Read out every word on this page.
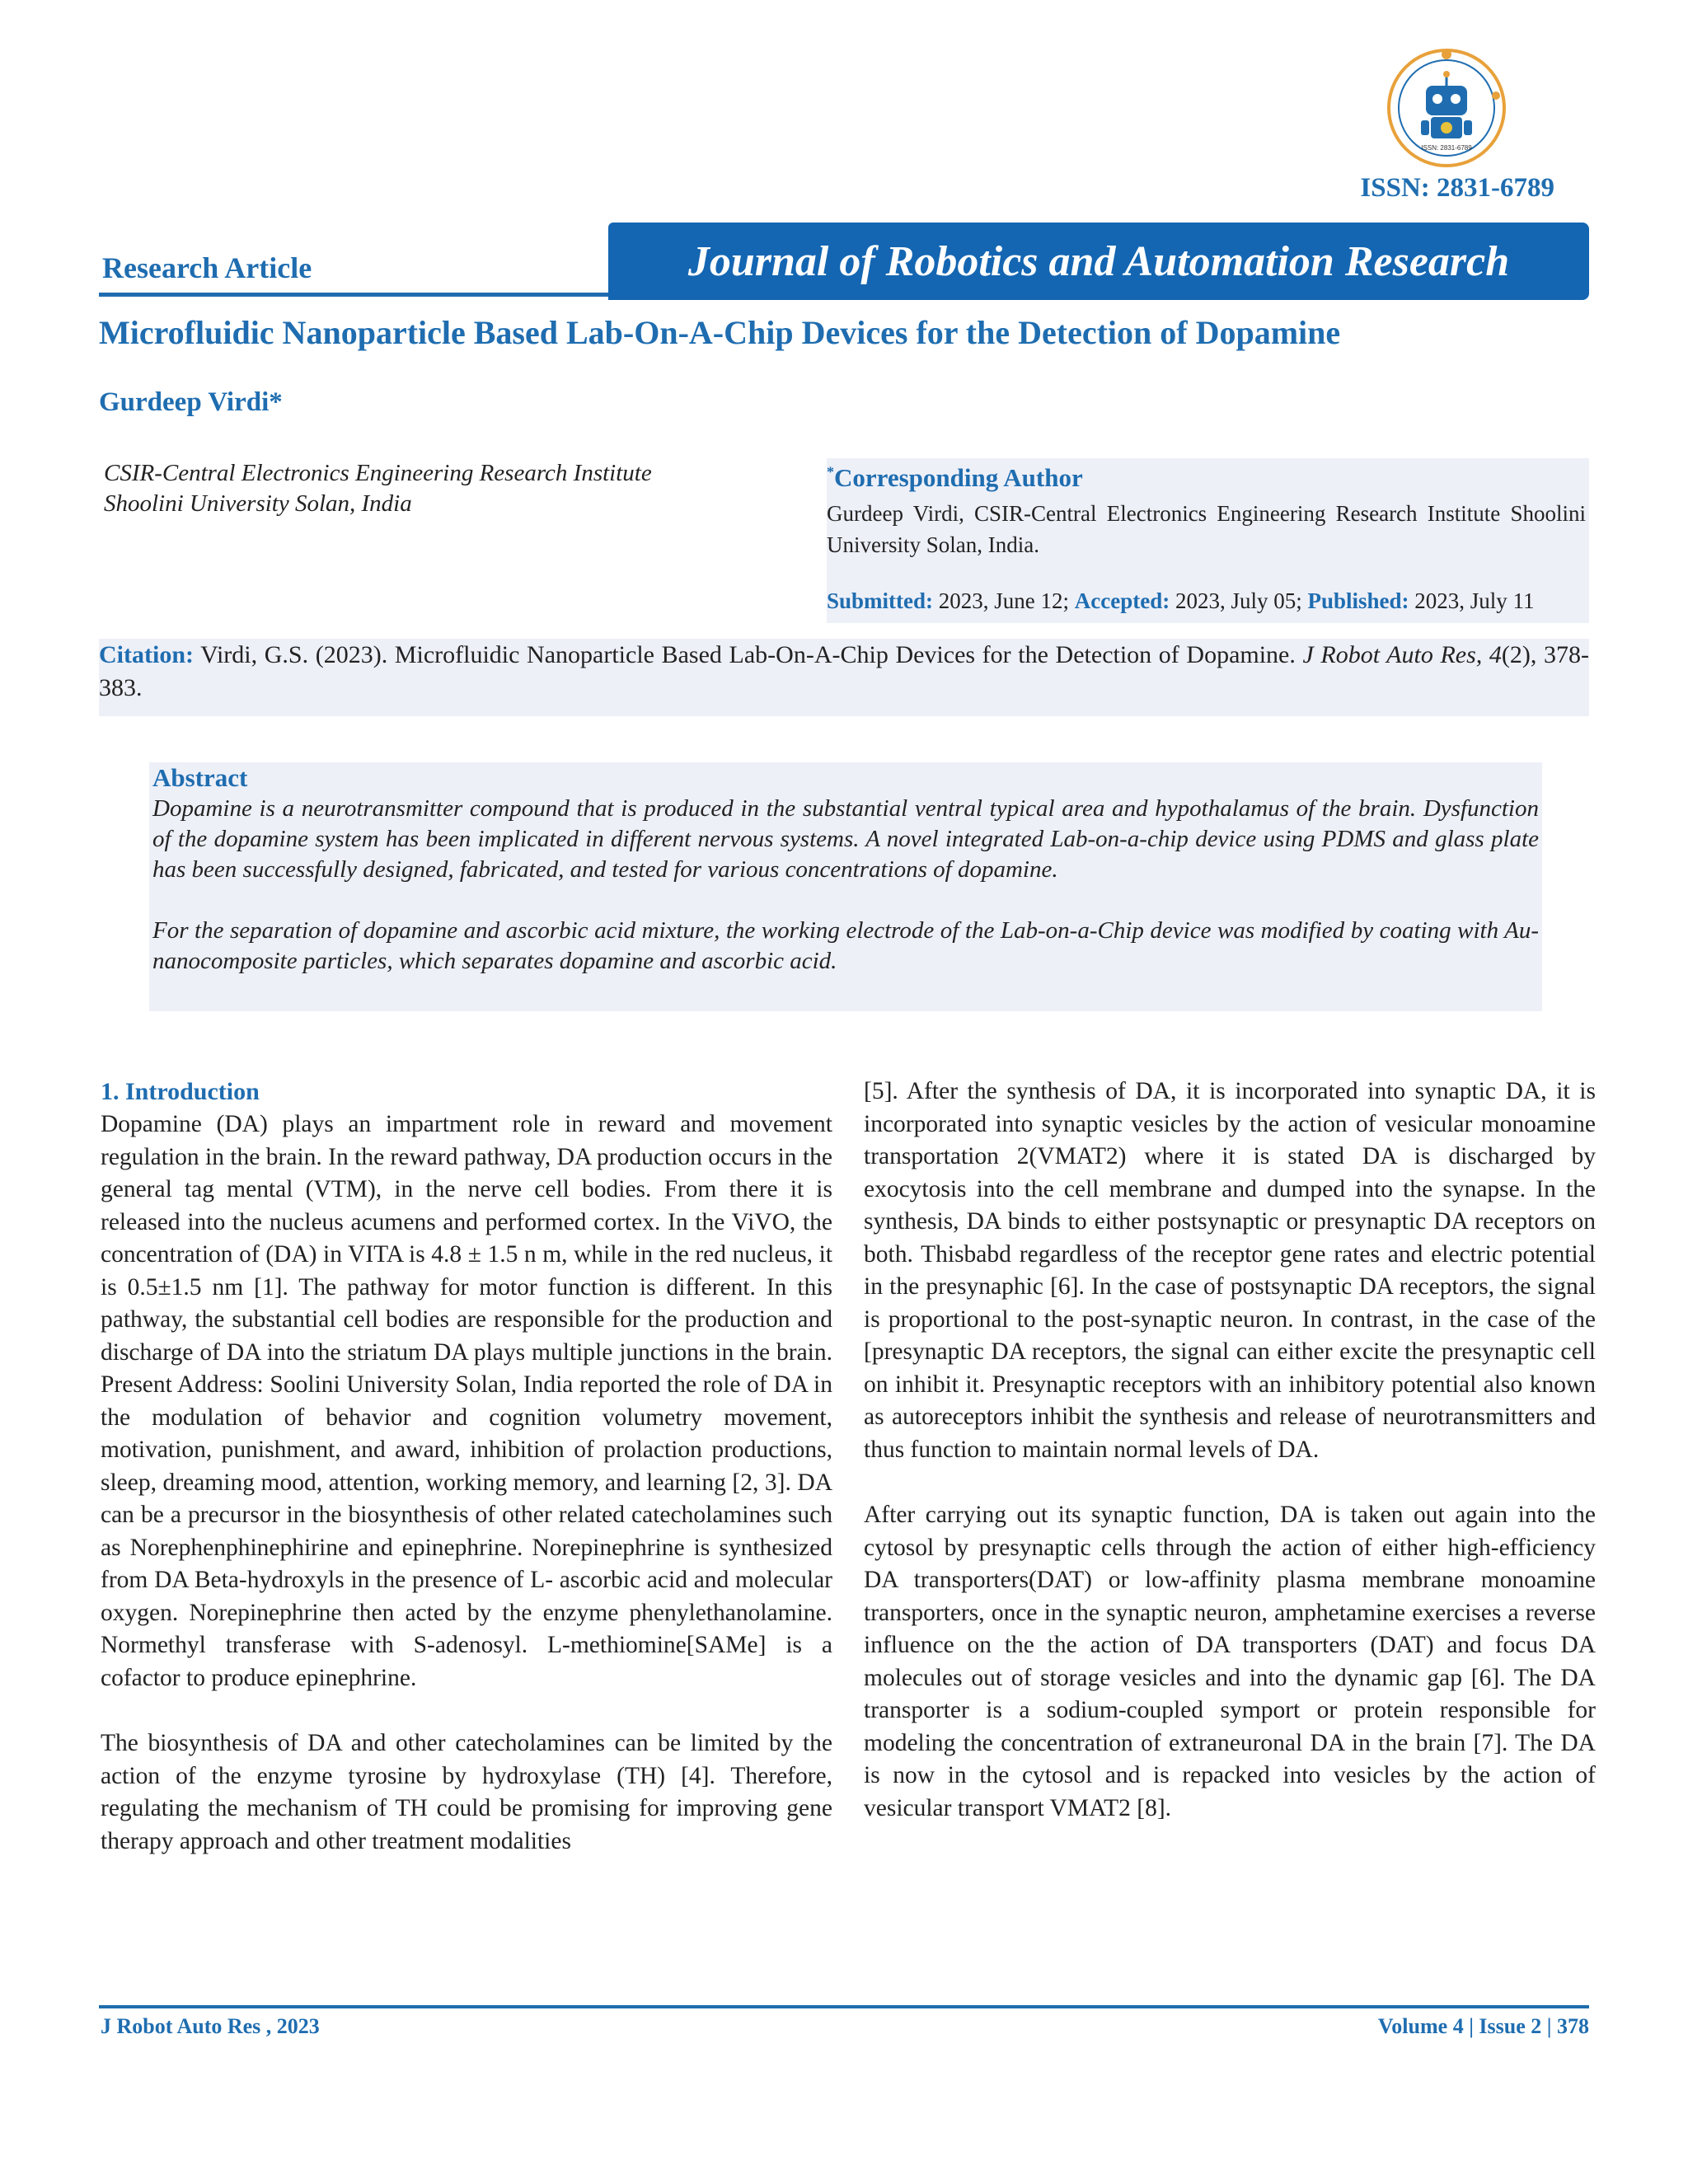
ISSN: 2831-6789
ISSN: 2831-6789
Research Article	Journal of Robotics and Automation Research
Microfluidic Nanoparticle Based Lab-On-A-Chip Devices for the Detection of Dopamine
Gurdeep Virdi*
CSIR-Central Electronics Engineering Research Institute
Shoolini University Solan, India
*Corresponding Author
Gurdeep Virdi, CSIR-Central Electronics Engineering Research Institute Shoolini University Solan, India.
Submitted: 2023, June 12; Accepted: 2023, July 05; Published: 2023, July 11
Citation: Virdi, G.S. (2023). Microfluidic Nanoparticle Based Lab-On-A-Chip Devices for the Detection of Dopamine. J Robot Auto Res, 4(2), 378-383.
Abstract
Dopamine is a neurotransmitter compound that is produced in the substantial ventral typical area and hypothalamus of the brain. Dysfunction of the dopamine system has been implicated in different nervous systems. A novel integrated Lab-on-a-chip device using PDMS and glass plate has been successfully designed, fabricated, and tested for various concentrations of dopamine.
For the separation of dopamine and ascorbic acid mixture, the working electrode of the Lab-on-a-Chip device was modified by coating with Au- nanocomposite particles, which separates dopamine and ascorbic acid.
1. Introduction

Dopamine (DA) plays an impartment role in reward and movement regulation in the brain. In the reward pathway, DA production occurs in the general tag mental (VTM), in the nerve cell bodies. From there it is released into the nucleus acumens and performed cortex. In the ViVO, the concentration of (DA) in VITA is 4.8 ± 1.5 n m, while in the red nucleus, it is 0.5±1.5 nm [1]. The pathway for motor function is different. In this pathway, the substantial cell bodies are responsible for the production and discharge of DA into the striatum DA plays multiple junctions in the brain. Present Address: Soolini University Solan, India reported the role of DA in the modulation of behavior and cognition volumetry movement, motivation, punishment, and award, inhibition of prolaction productions, sleep, dreaming mood, attention, working memory, and learning [2, 3]. DA can be a precursor in the biosynthesis of other related catecholamines such as Norephenphinephirine and epinephrine. Norepinephrine is synthesized from DA Beta-hydroxyls in the presence of L- ascorbic acid and molecular oxygen. Norepinephrine then acted by the enzyme phenylethanolamine. Normethyl transferase with S-adenosyl. L-methiomine[SAMe] is a cofactor to produce epinephrine.

The biosynthesis of DA and other catecholamines can be limited by the action of the enzyme tyrosine by hydroxylase (TH) [4]. Therefore, regulating the mechanism of TH could be promising for improving gene therapy approach and other treatment modalities

[5]. After the synthesis of DA, it is incorporated into synaptic DA, it is incorporated into synaptic vesicles by the action of vesicular monoamine transportation 2(VMAT2) where it is stated DA is discharged by exocytosis into the cell membrane and dumped into the synapse. In the synthesis, DA binds to either postsynaptic or presynaptic DA receptors on both. Thisbabd regardless of the receptor gene rates and electric potential in the presynaphic [6]. In the case of postsynaptic DA receptors, the signal is proportional to the post-synaptic neuron. In contrast, in the case of the [presynaptic DA receptors, the signal can either excite the presynaptic cell on inhibit it. Presynaptic receptors with an inhibitory potential also known as autoreceptors inhibit the synthesis and release of neurotransmitters and thus function to maintain normal levels of DA.

After carrying out its synaptic function, DA is taken out again into the cytosol by presynaptic cells through the action of either high-efficiency DA transporters(DAT) or low-affinity plasma membrane monoamine transporters, once in the synaptic neuron, amphetamine exercises a reverse influence on the the action of DA transporters (DAT) and focus DA molecules out of storage vesicles and into the dynamic gap [6]. The DA transporter is a sodium-coupled symport or protein responsible for modeling the concentration of extraneuronal DA in the brain [7]. The DA is now in the cytosol and is repacked into vesicles by the action of vesicular transport VMAT2 [8].

J Robot Auto Res , 2023	Volume 4 | Issue 2 | 378
